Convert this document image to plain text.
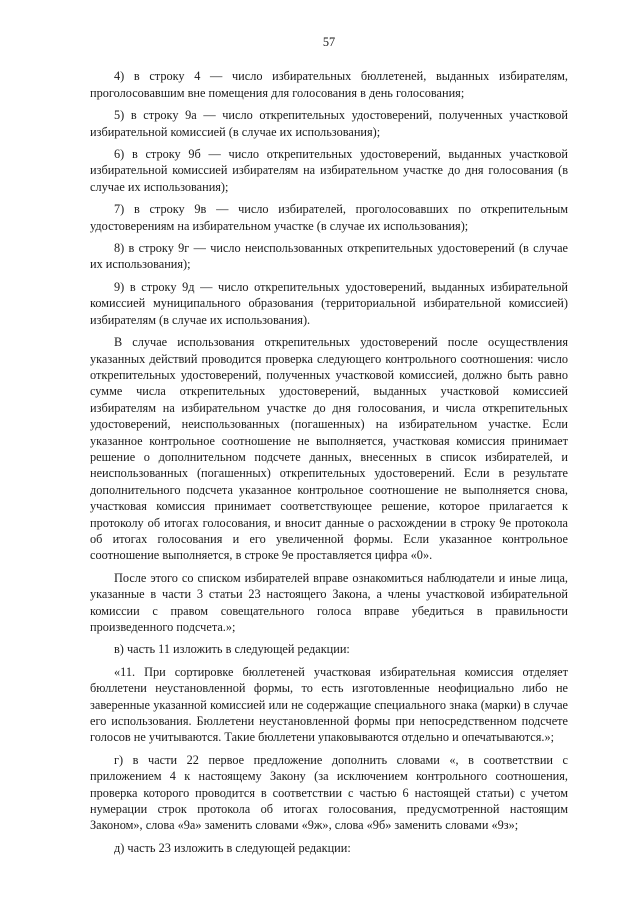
57

4) в строку 4 — число избирательных бюллетеней, выданных избирателям, проголосовавшим вне помещения для голосования в день голосования;

5) в строку 9а — число открепительных удостоверений, полученных участковой избирательной комиссией (в случае их использования);

6) в строку 9б — число открепительных удостоверений, выданных участковой избирательной комиссией избирателям на избирательном участке до дня голосования (в случае их использования);

7) в строку 9в — число избирателей, проголосовавших по открепительным удостоверениям на избирательном участке (в случае их использования);

8) в строку 9г — число неиспользованных открепительных удостоверений (в случае их использования);

9) в строку 9д — число открепительных удостоверений, выданных избирательной комиссией муниципального образования (территориальной избирательной комиссией) избирателям (в случае их использования).

В случае использования открепительных удостоверений после осуществления указанных действий проводится проверка следующего контрольного соотношения: число открепительных удостоверений, полученных участковой комиссией, должно быть равно сумме числа открепительных удостоверений, выданных участковой комиссией избирателям на избирательном участке до дня голосования, и числа открепительных удостоверений, неиспользованных (погашенных) на избирательном участке. Если указанное контрольное соотношение не выполняется, участковая комиссия принимает решение о дополнительном подсчете данных, внесенных в список избирателей, и неиспользованных (погашенных) открепительных удостоверений. Если в результате дополнительного подсчета указанное контрольное соотношение не выполняется снова, участковая комиссия принимает соответствующее решение, которое прилагается к протоколу об итогах голосования, и вносит данные о расхождении в строку 9е протокола об итогах голосования и его увеличенной формы. Если указанное контрольное соотношение выполняется, в строке 9е проставляется цифра «0».

После этого со списком избирателей вправе ознакомиться наблюдатели и иные лица, указанные в части 3 статьи 23 настоящего Закона, а члены участковой избирательной комиссии с правом совещательного голоса вправе убедиться в правильности произведенного подсчета.»;

в) часть 11 изложить в следующей редакции:

«11. При сортировке бюллетеней участковая избирательная комиссия отделяет бюллетени неустановленной формы, то есть изготовленные неофициально либо не заверенные указанной комиссией или не содержащие специального знака (марки) в случае его использования. Бюллетени неустановленной формы при непосредственном подсчете голосов не учитываются. Такие бюллетени упаковываются отдельно и опечатываются.»;

г) в части 22 первое предложение дополнить словами «, в соответствии с приложением 4 к настоящему Закону (за исключением контрольного соотношения, проверка которого проводится в соответствии с частью 6 настоящей статьи) с учетом нумерации строк протокола об итогах голосования, предусмотренной настоящим Законом», слова «9а» заменить словами «9ж», слова «9б» заменить словами «9з»;

д) часть 23 изложить в следующей редакции:
